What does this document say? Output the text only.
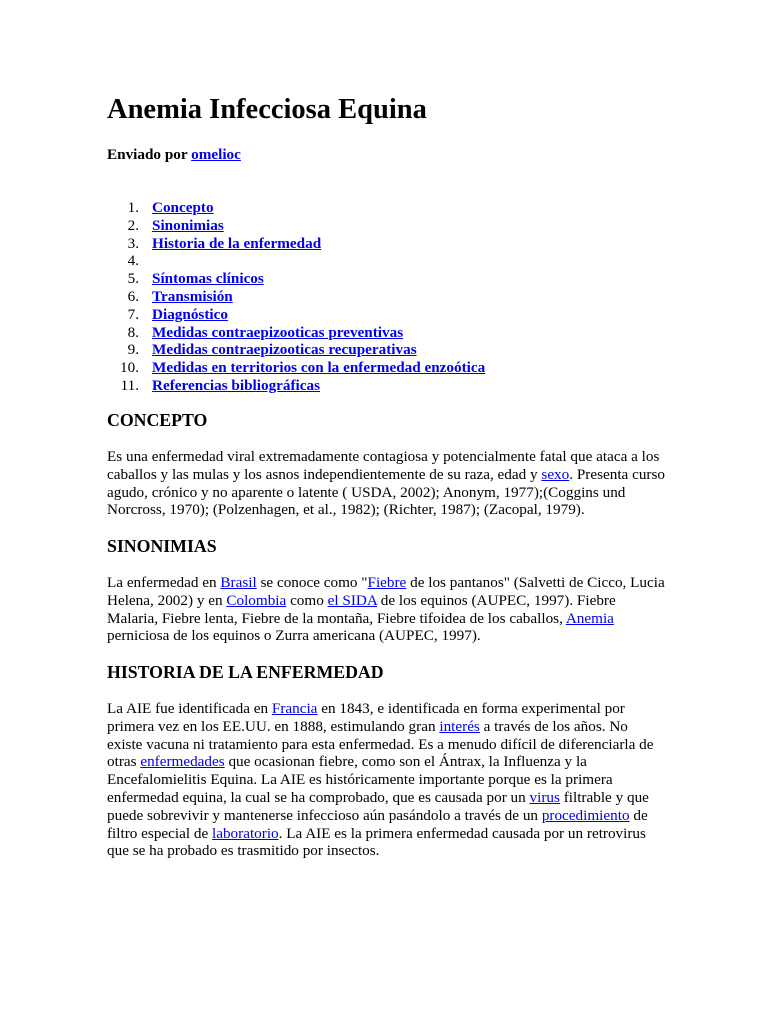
Anemia Infecciosa Equina

Enviado por omelioc

1. Concepto
2. Sinonimias
3. Historia de la enfermedad
4.
5. Síntomas clínicos
6. Transmisión
7. Diagnóstico
8. Medidas contraepizooticas preventivas
9. Medidas contraepizooticas recuperativas
10. Medidas en territorios con la enfermedad enzoótica
11. Referencias bibliográficas
CONCEPTO
Es una enfermedad viral extremadamente contagiosa y potencialmente fatal que ataca a los
caballos y las mulas y los asnos independientemente de su raza, edad y sexo. Presenta curso
agudo, crónico y no aparente o latente ( USDA, 2002); Anonym, 1977);(Coggins und
Norcross, 1970); (Polzenhagen, et al., 1982); (Richter, 1987); (Zacopal, 1979).
SINONIMIAS
La enfermedad en Brasil se conoce como "Fiebre de los pantanos" (Salvetti de Cicco, Lucia
Helena, 2002) y en Colombia como el SIDA de los equinos (AUPEC, 1997). Fiebre
Malaria, Fiebre lenta, Fiebre de la montaña, Fiebre tifoidea de los caballos, Anemia
perniciosa de los equinos o Zurra americana (AUPEC, 1997).
HISTORIA DE LA ENFERMEDAD
La AIE fue identificada en Francia en 1843, e identificada en forma experimental por
primera vez en los EE.UU. en 1888, estimulando gran interés a través de los años. No
existe vacuna ni tratamiento para esta enfermedad. Es a menudo difícil de diferenciarla de
otras enfermedades que ocasionan fiebre, como son el Ántrax, la Influenza y la
Encefalomielitis Equina. La AIE es históricamente importante porque es la primera
enfermedad equina, la cual se ha comprobado, que es causada por un virus filtrable y que
puede sobrevivir y mantenerse infeccioso aún pasándolo a través de un procedimiento de
filtro especial de laboratorio. La AIE es la primera enfermedad causada por un retrovirus
que se ha probado es trasmitido por insectos.
